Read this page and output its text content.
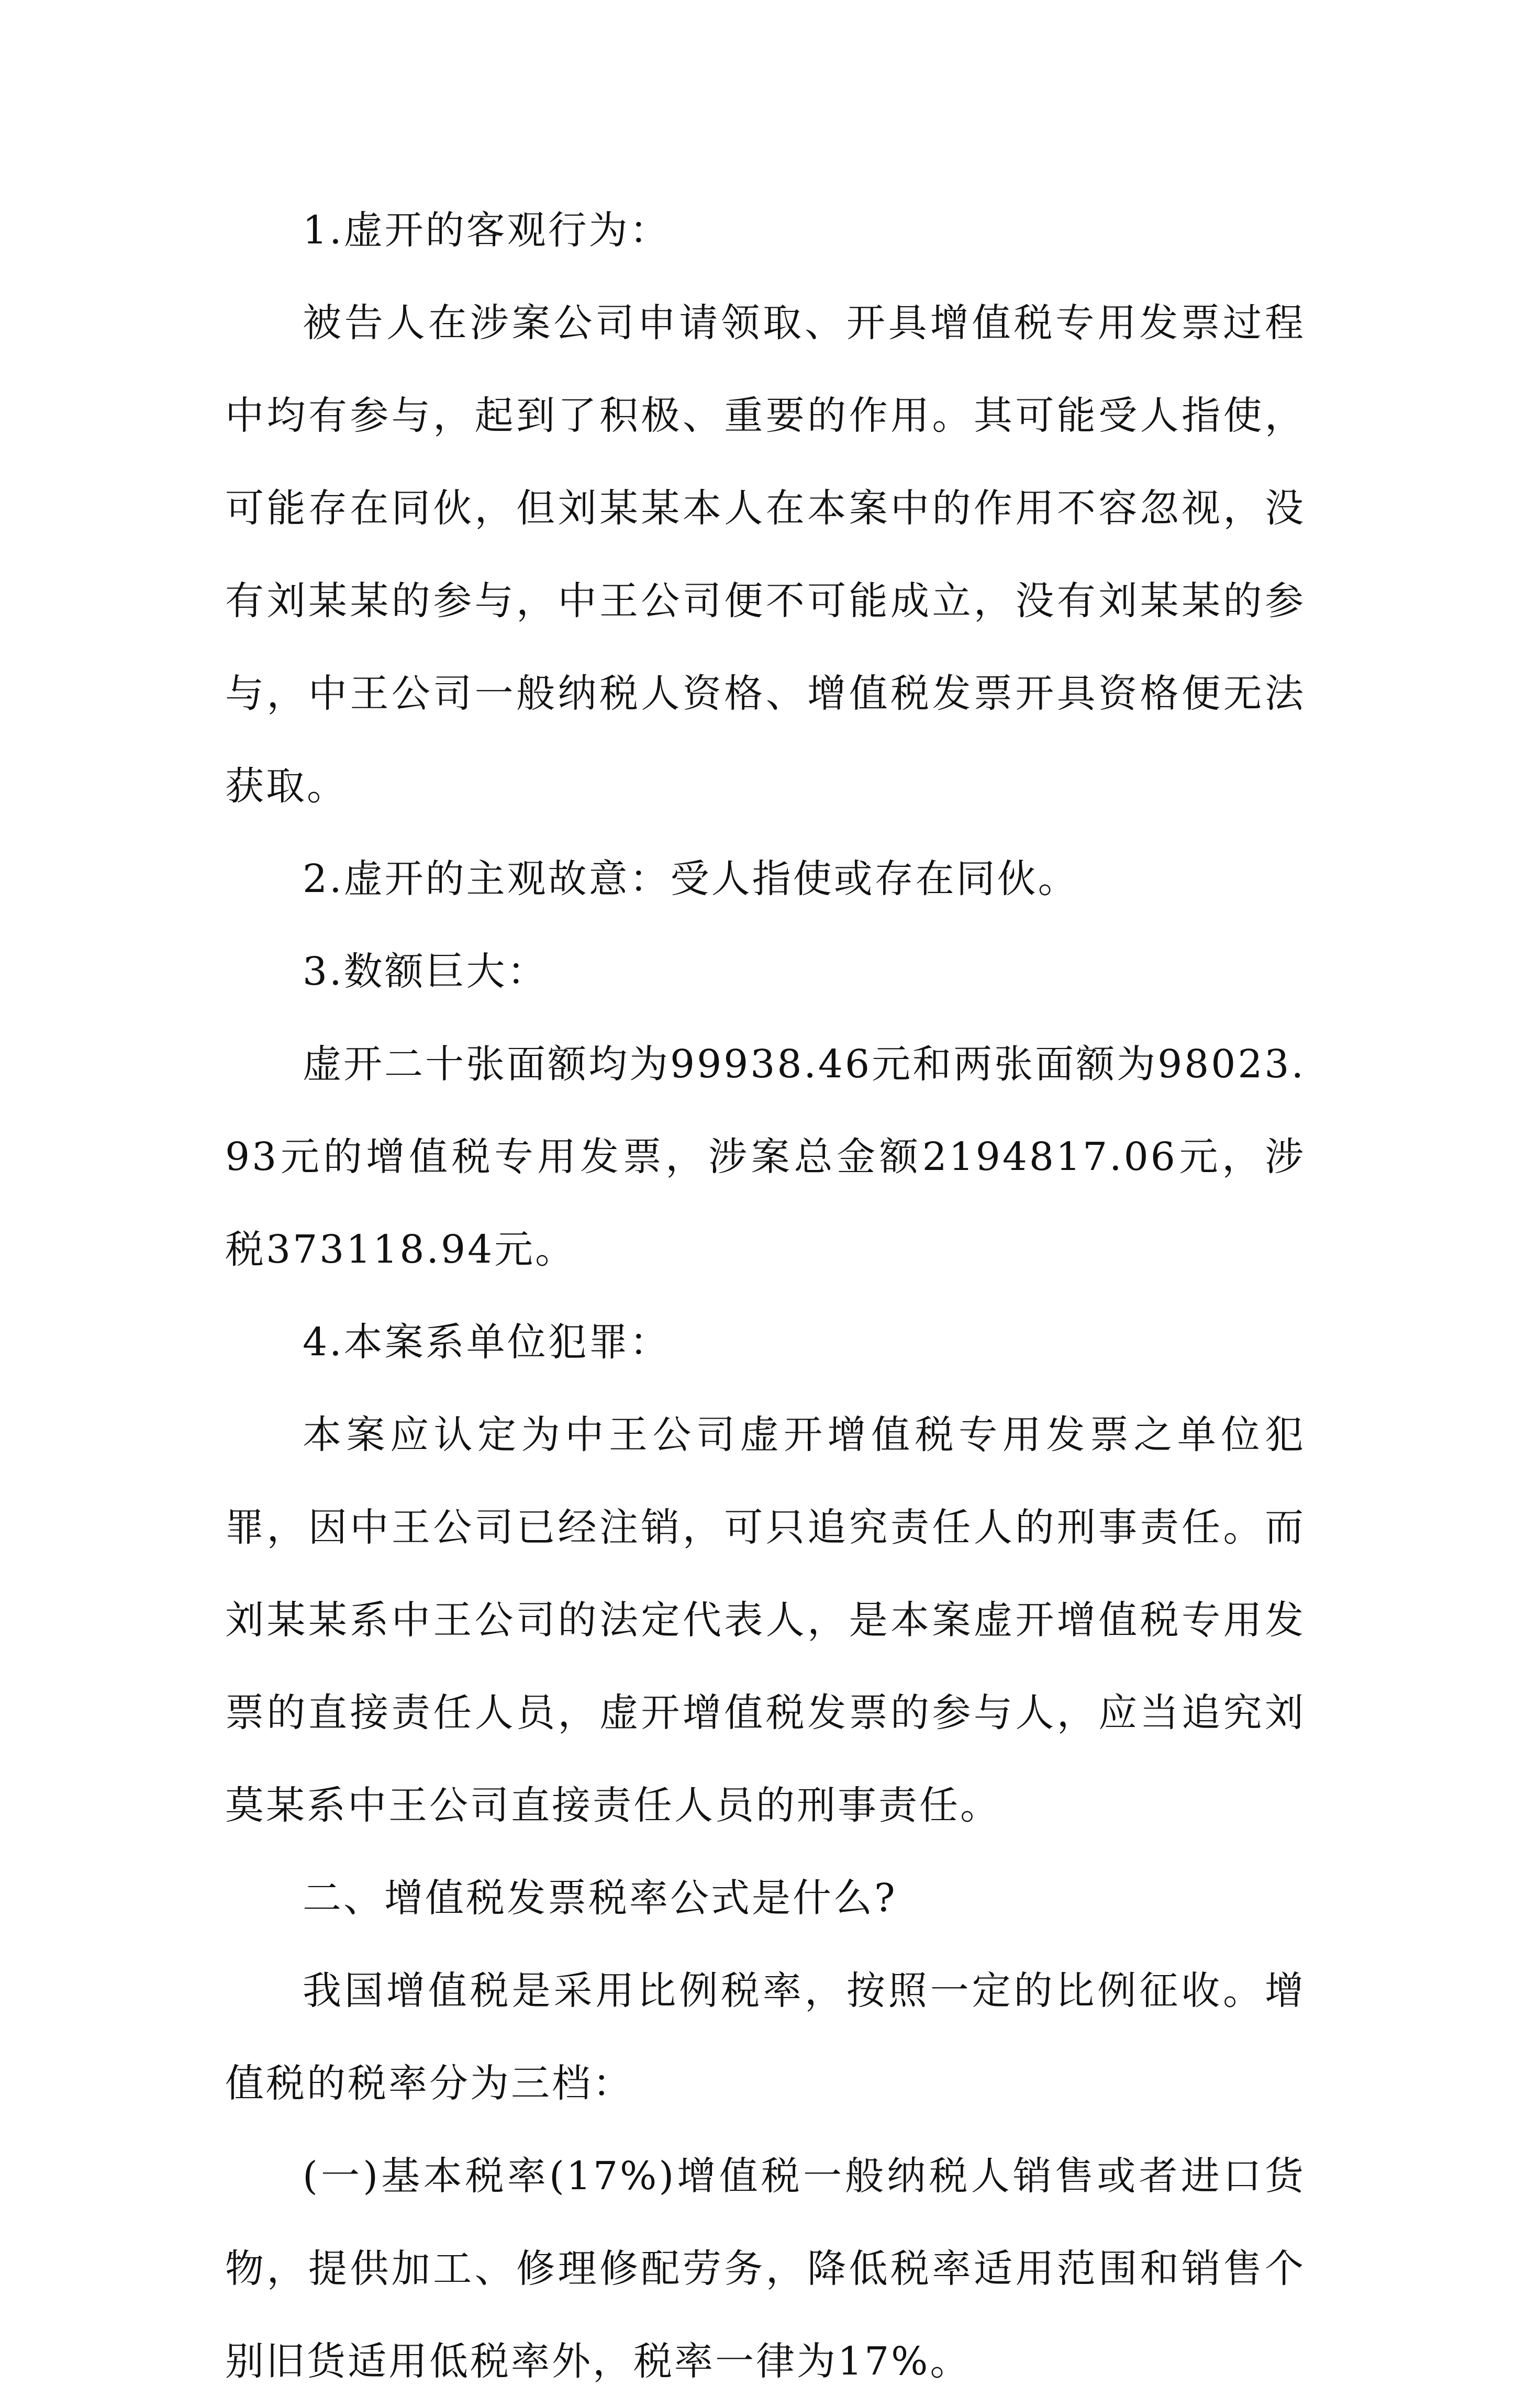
1.虚开的客观行为：

被告人在涉案公司申请领取、开具增值税专用发票过程中均有参与，起到了积极、重要的作用。其可能受人指使，可能存在同伙，但刘某某本人在本案中的作用不容忽视，没有刘某某的参与，中王公司便不可能成立，没有刘某某的参与，中王公司一般纳税人资格、增值税发票开具资格便无法获取。

2.虚开的主观故意：受人指使或存在同伙。

3.数额巨大：

虚开二十张面额均为99938.46元和两张面额为98023.93元的增值税专用发票，涉案总金额2194817.06元，涉税373118.94元。

4.本案系单位犯罪：

本案应认定为中王公司虚开增值税专用发票之单位犯罪，因中王公司已经注销，可只追究责任人的刑事责任。而刘某某系中王公司的法定代表人，是本案虚开增值税专用发票的直接责任人员，虚开增值税发票的参与人，应当追究刘莫某系中王公司直接责任人员的刑事责任。

二、增值税发票税率公式是什么?

我国增值税是采用比例税率，按照一定的比例征收。增值税的税率分为三档：

(一)基本税率(17%)增值税一般纳税人销售或者进口货物，提供加工、修理修配劳务，降低税率适用范围和销售个别旧货适用低税率外，税率一律为17%。
